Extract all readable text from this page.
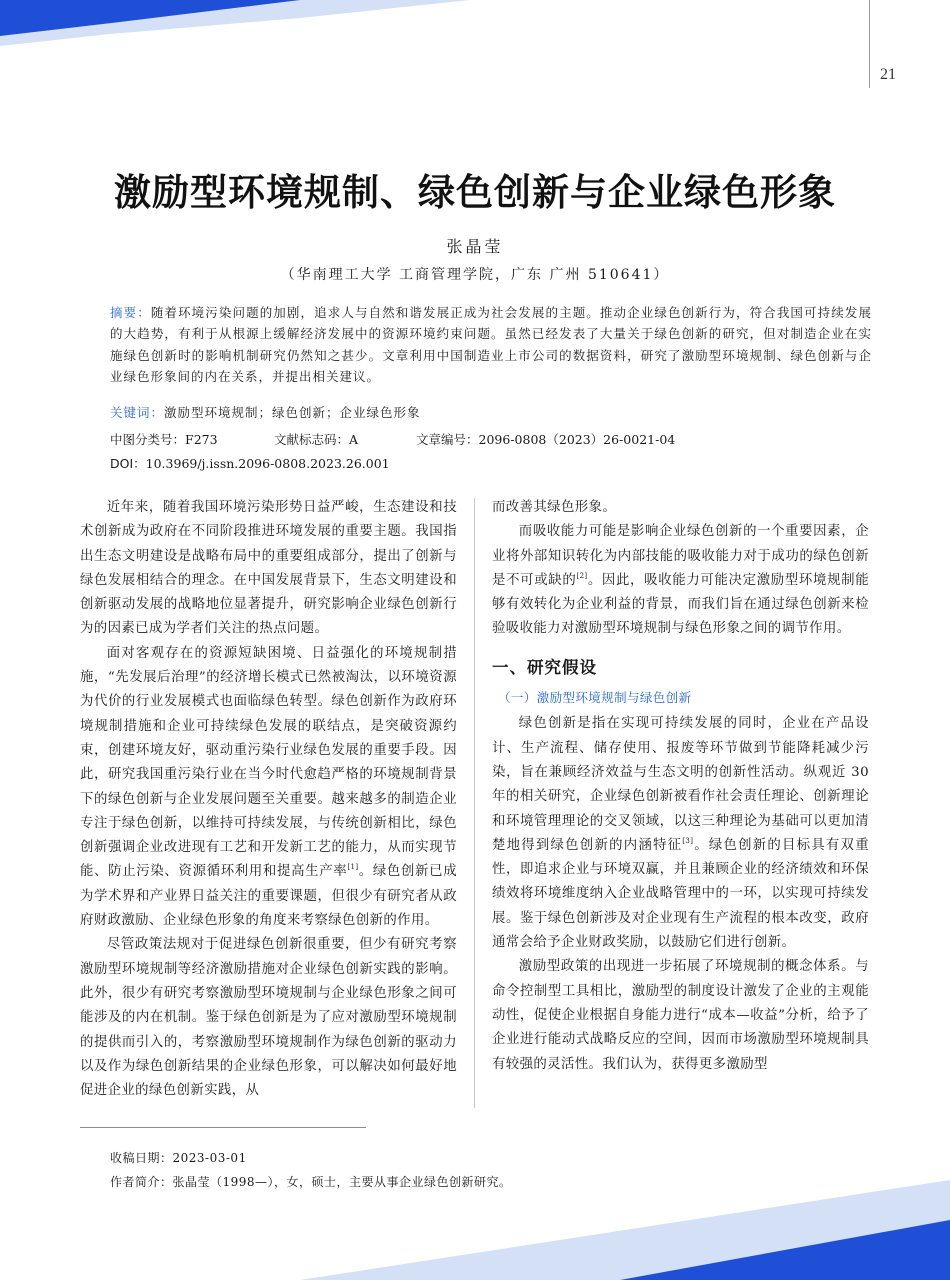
21
激励型环境规制、绿色创新与企业绿色形象
张晶莹
（华南理工大学 工商管理学院，广东 广州 510641）
摘要：随着环境污染问题的加剧，追求人与自然和谐发展正成为社会发展的主题。推动企业绿色创新行为，符合我国可持续发展的大趋势，有利于从根源上缓解经济发展中的资源环境约束问题。虽然已经发表了大量关于绿色创新的研究，但对制造企业在实施绿色创新时的影响机制研究仍然知之甚少。文章利用中国制造业上市公司的数据资料，研究了激励型环境规制、绿色创新与企业绿色形象间的内在关系，并提出相关建议。
关键词：激励型环境规制；绿色创新；企业绿色形象
中图分类号：F273	文献标志码：A	文章编号：2096-0808（2023）26-0021-04
DOI：10.3969/j.issn.2096-0808.2023.26.001

近年来，随着我国环境污染形势日益严峻，生态建设和技术创新成为政府在不同阶段推进环境发展的重要主题。我国指出生态文明建设是战略布局中的重要组成部分，提出了创新与绿色发展相结合的理念。在中国发展背景下，生态文明建设和创新驱动发展的战略地位显著提升，研究影响企业绿色创新行为的因素已成为学者们关注的热点问题。

面对客观存在的资源短缺困境、日益强化的环境规制措施，“先发展后治理”的经济增长模式已然被淘汰，以环境资源为代价的行业发展模式也面临绿色转型。绿色创新作为政府环境规制措施和企业可持续绿色发展的联结点，是突破资源约束，创建环境友好，驱动重污染行业绿色发展的重要手段。因此，研究我国重污染行业在当今时代愈趋严格的环境规制背景下的绿色创新与企业发展问题至关重要。越来越多的制造企业专注于绿色创新，以维持可持续发展，与传统创新相比，绿色创新强调企业改进现有工艺和开发新工艺的能力，从而实现节能、防止污染、资源循环利用和提高生产率[1]。绿色创新已成为学术界和产业界日益关注的重要课题，但很少有研究者从政府财政激励、企业绿色形象的角度来考察绿色创新的作用。

尽管政策法规对于促进绿色创新很重要，但少有研究考察激励型环境规制等经济激励措施对企业绿色创新实践的影响。此外，很少有研究考察激励型环境规制与企业绿色形象之间可能涉及的内在机制。鉴于绿色创新是为了应对激励型环境规制的提供而引入的，考察激励型环境规制作为绿色创新的驱动力以及作为绿色创新结果的企业绿色形象，可以解决如何最好地促进企业的绿色创新实践，从

而改善其绿色形象。

而吸收能力可能是影响企业绿色创新的一个重要因素，企业将外部知识转化为内部技能的吸收能力对于成功的绿色创新是不可或缺的[2]。因此，吸收能力可能决定激励型环境规制能够有效转化为企业利益的背景，而我们旨在通过绿色创新来检验吸收能力对激励型环境规制与绿色形象之间的调节作用。

一、研究假设
（一）激励型环境规制与绿色创新

绿色创新是指在实现可持续发展的同时，企业在产品设计、生产流程、储存使用、报废等环节做到节能降耗减少污染，旨在兼顾经济效益与生态文明的创新性活动。纵观近 30 年的相关研究，企业绿色创新被看作社会责任理论、创新理论和环境管理理论的交叉领域，以这三种理论为基础可以更加清楚地得到绿色创新的内涵特征[3]。绿色创新的目标具有双重性，即追求企业与环境双赢，并且兼顾企业的经济绩效和环保绩效将环境维度纳入企业战略管理中的一环，以实现可持续发展。鉴于绿色创新涉及对企业现有生产流程的根本改变，政府通常会给予企业财政奖励，以鼓励它们进行创新。

激励型政策的出现进一步拓展了环境规制的概念体系。与命令控制型工具相比，激励型的制度设计激发了企业的主观能动性，促使企业根据自身能力进行“成本—收益”分析，给予了企业进行能动式战略反应的空间，因而市场激励型环境规制具有较强的灵活性。我们认为，获得更多激励型

收稿日期：2023-03-01
作者简介：张晶莹（1998—），女，硕士，主要从事企业绿色创新研究。
